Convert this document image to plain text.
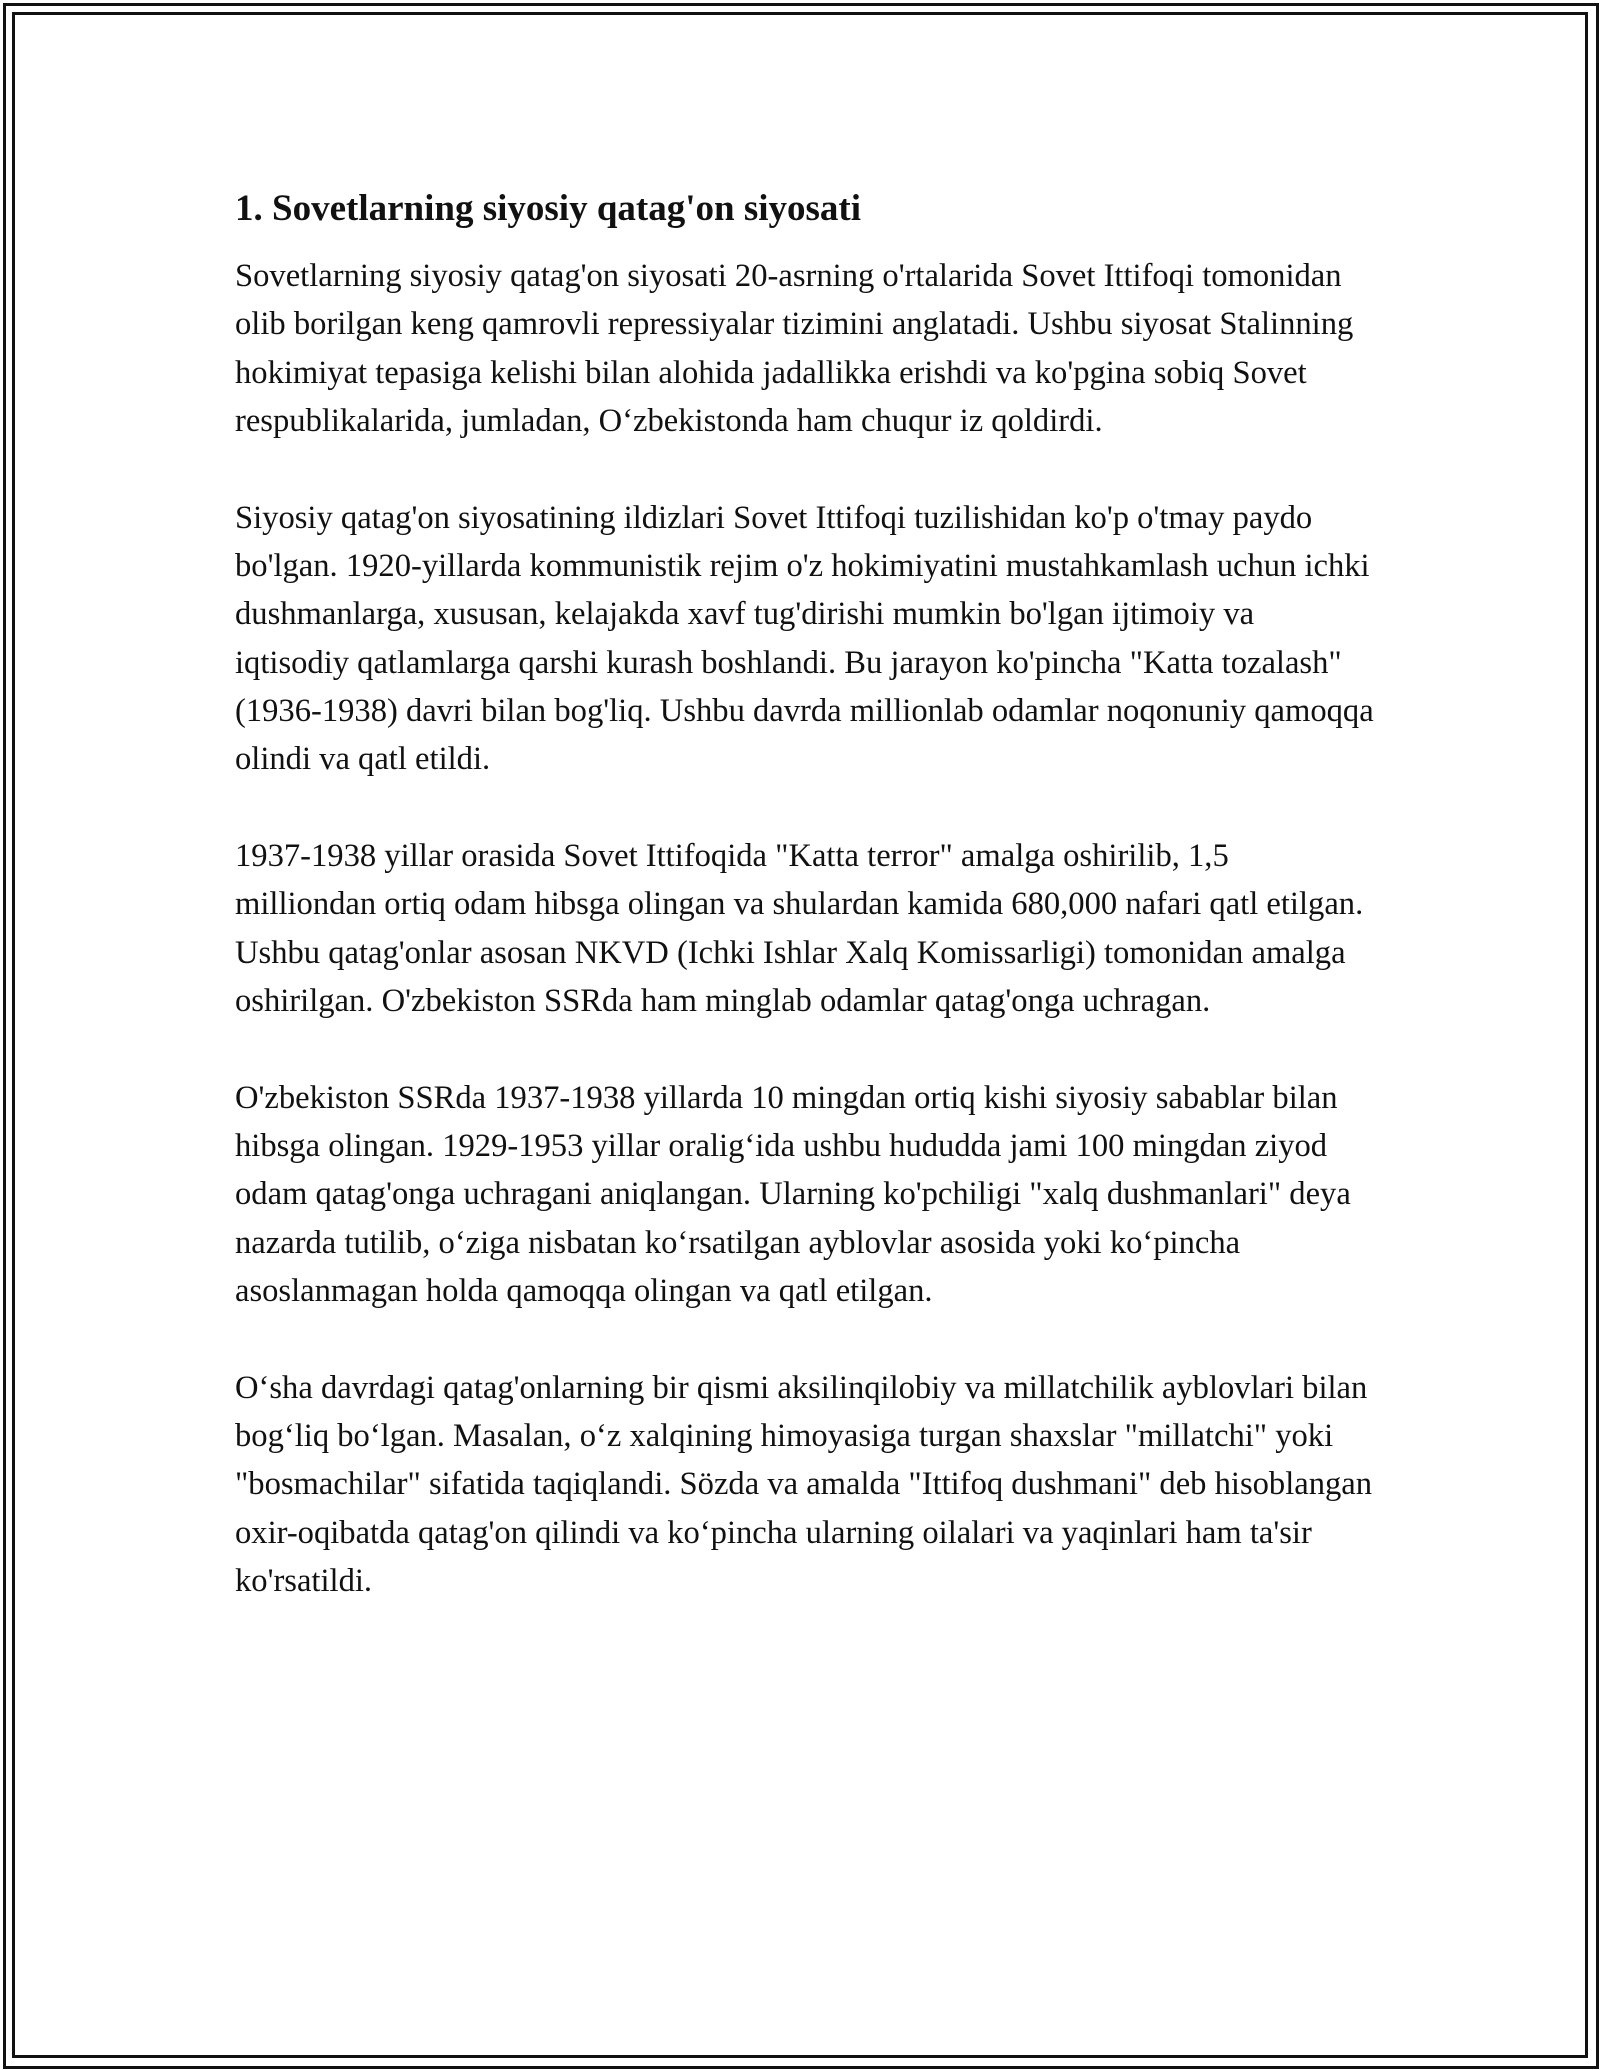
1. Sovetlarning siyosiy qatag'on siyosati

Sovetlarning siyosiy qatag'on siyosati 20-asrning o'rtalarida Sovet Ittifoqi tomonidan olib borilgan keng qamrovli repressiyalar tizimini anglatadi. Ushbu siyosat Stalinning hokimiyat tepasiga kelishi bilan alohida jadallikka erishdi va ko'pgina sobiq Sovet respublikalarida, jumladan, O‘zbekistonda ham chuqur iz qoldirdi.

Siyosiy qatag'on siyosatining ildizlari Sovet Ittifoqi tuzilishidan ko'p o'tmay paydo bo'lgan. 1920-yillarda kommunistik rejim o'z hokimiyatini mustahkamlash uchun ichki dushmanlarga, xususan, kelajakda xavf tug'dirishi mumkin bo'lgan ijtimoiy va iqtisodiy qatlamlarga qarshi kurash boshlandi. Bu jarayon ko'pincha "Katta tozalash" (1936-1938) davri bilan bog'liq. Ushbu davrda millionlab odamlar noqonuniy qamoqqa olindi va qatl etildi.

1937-1938 yillar orasida Sovet Ittifoqida "Katta terror" amalga oshirilib, 1,5 milliondan ortiq odam hibsga olingan va shulardan kamida 680,000 nafari qatl etilgan. Ushbu qatag'onlar asosan NKVD (Ichki Ishlar Xalq Komissarligi) tomonidan amalga oshirilgan. O'zbekiston SSRda ham minglab odamlar qatag'onga uchragan.

O'zbekiston SSRda 1937-1938 yillarda 10 mingdan ortiq kishi siyosiy sabablar bilan hibsga olingan. 1929-1953 yillar oralig‘ida ushbu hududda jami 100 mingdan ziyod odam qatag'onga uchragani aniqlangan. Ularning ko'pchiligi "xalq dushmanlari" deya nazarda tutilib, o‘ziga nisbatan ko‘rsatilgan ayblovlar asosida yoki ko‘pincha asoslanmagan holda qamoqqa olingan va qatl etilgan.

O‘sha davrdagi qatag'onlarning bir qismi aksilinqilobiy va millatchilik ayblovlari bilan bog‘liq bo‘lgan. Masalan, o‘z xalqining himoyasiga turgan shaxslar "millatchi" yoki "bosmachilar" sifatida taqiqlandi. Sözda va amalda "Ittifoq dushmani" deb hisoblangan oxir-oqibatda qatag'on qilindi va ko‘pincha ularning oilalari va yaqinlari ham ta'sir ko'rsatildi.
